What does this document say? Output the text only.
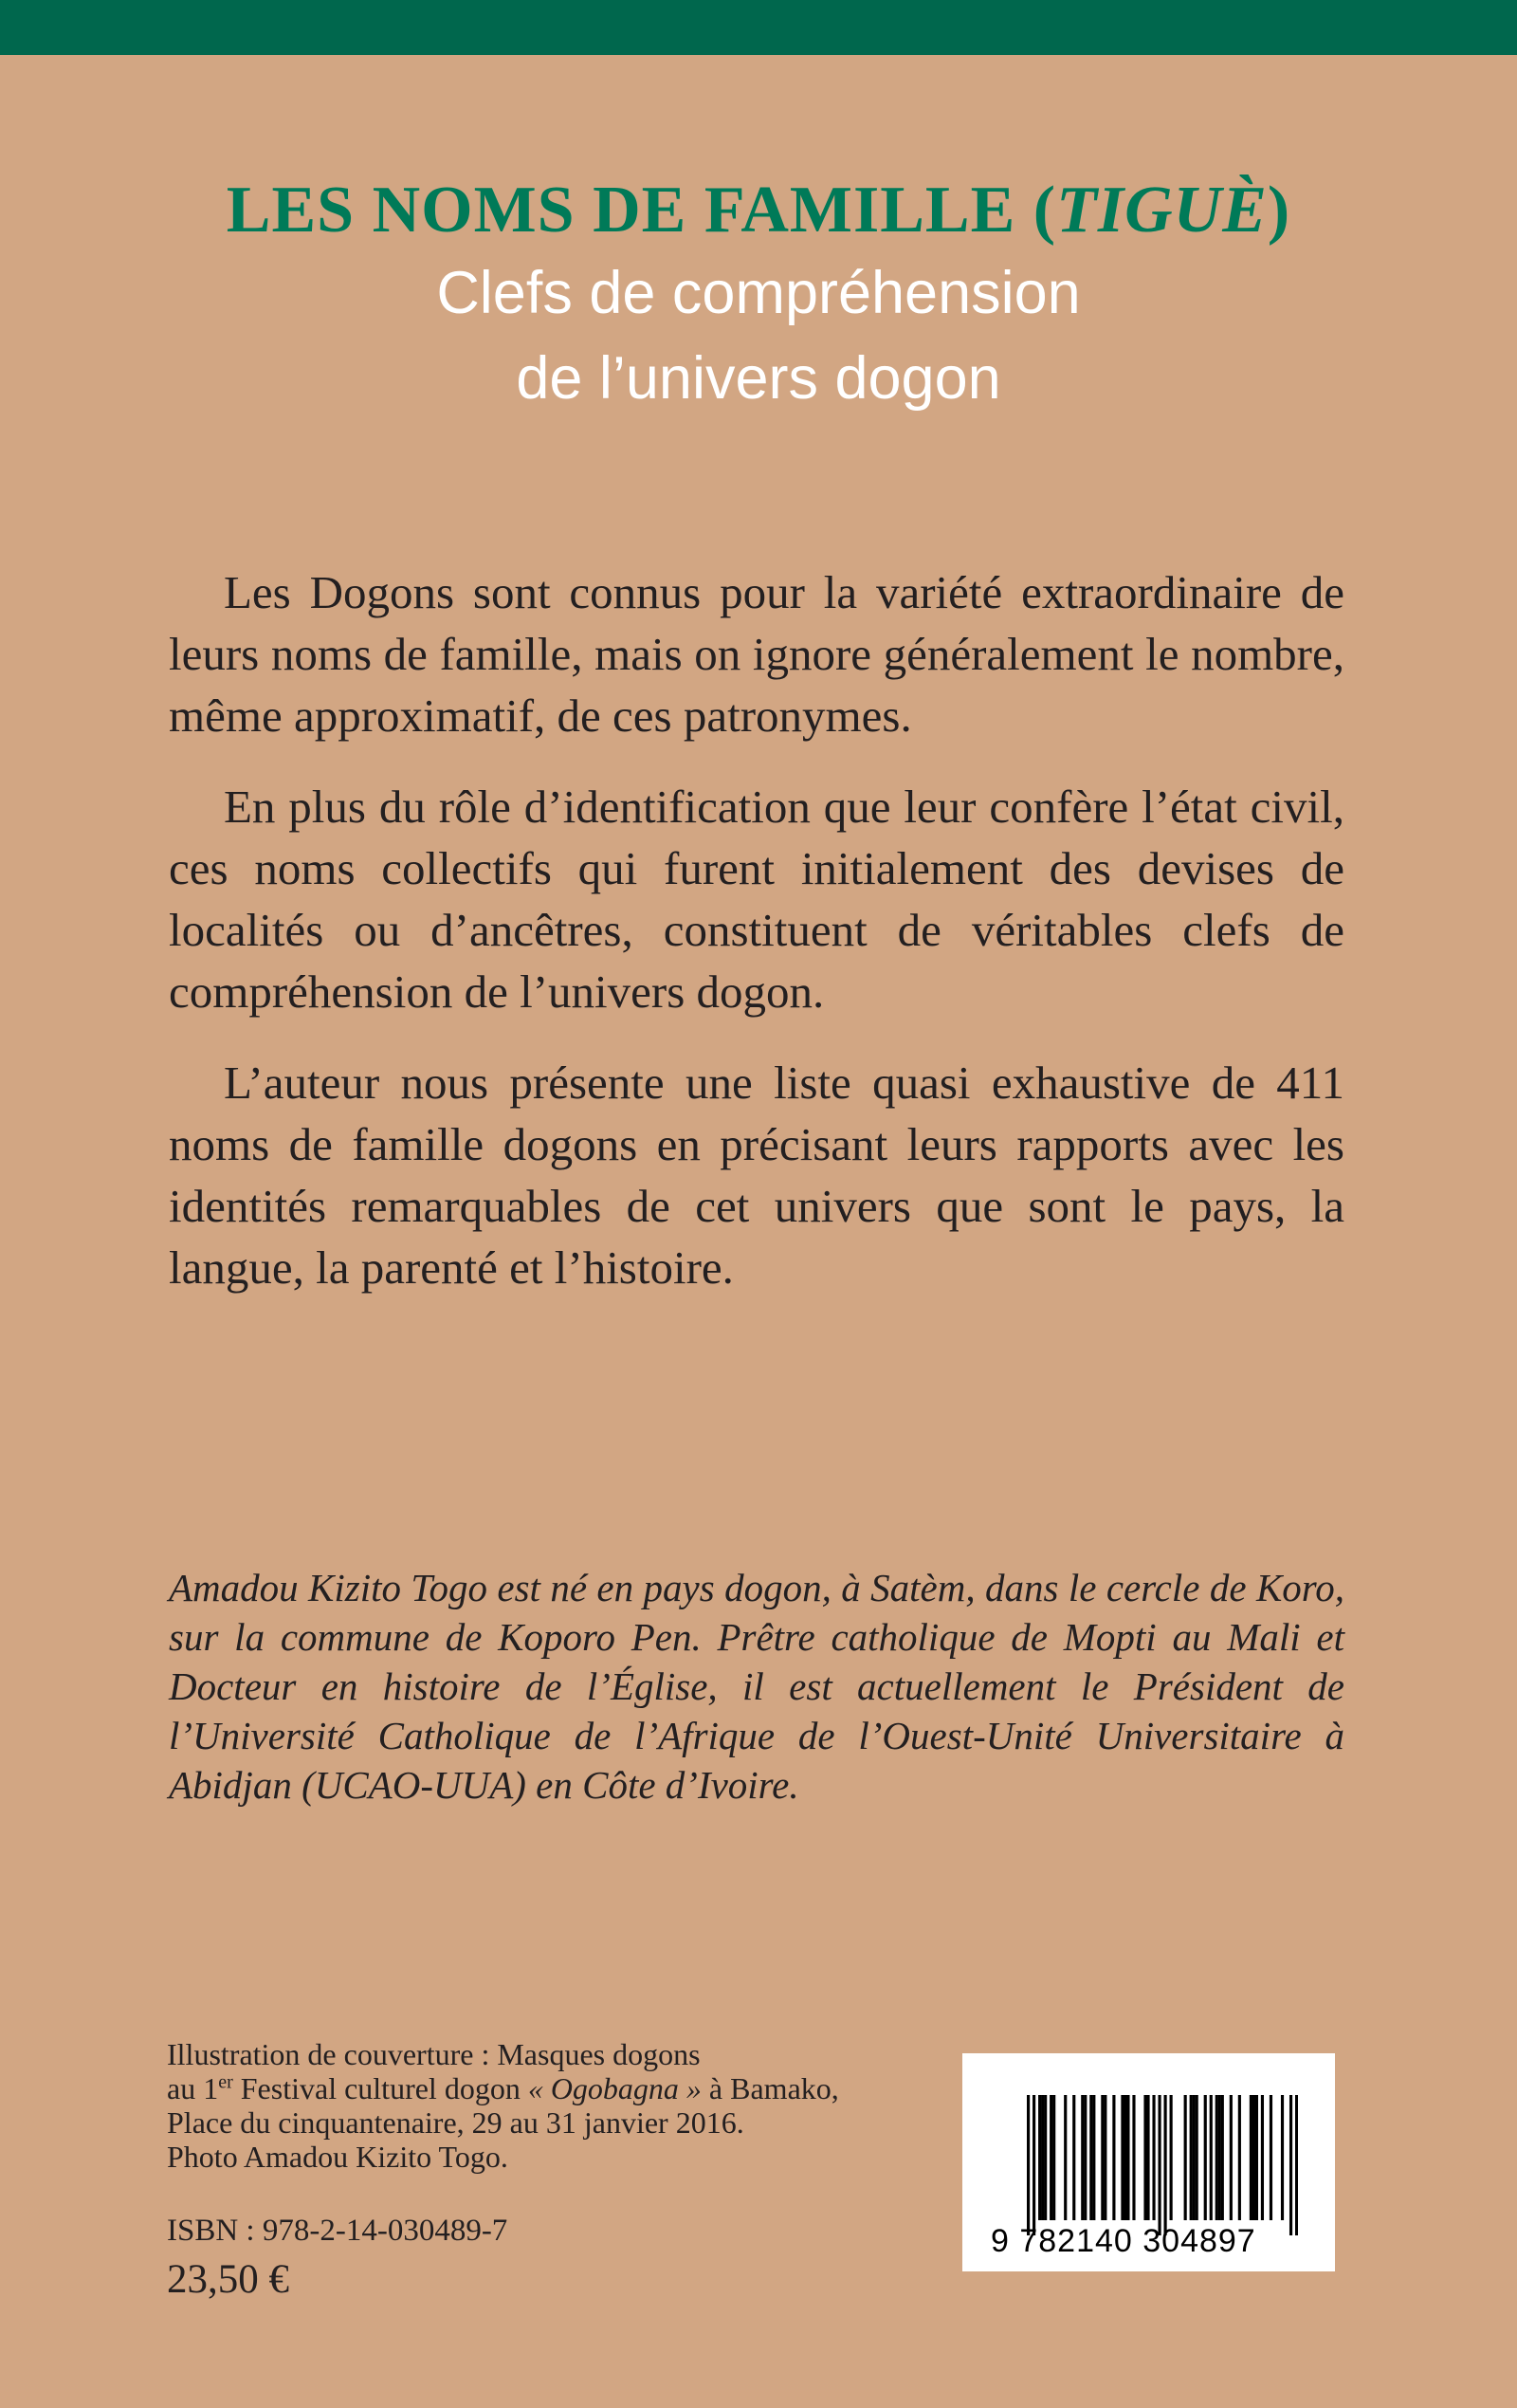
LES NOMS DE FAMILLE (TIGUÈ)
Clefs de compréhension
de l’univers dogon

Les Dogons sont connus pour la variété extraordinaire de leurs noms de famille, mais on ignore généralement le nombre, même approximatif, de ces patronymes.

En plus du rôle d’identification que leur confère l’état civil, ces noms collectifs qui furent initialement des devises de localités ou d’ancêtres, constituent de véritables clefs de compréhension de l’univers dogon.

L’auteur nous présente une liste quasi exhaustive de 411 noms de famille dogons en précisant leurs rapports avec les identités remarquables de cet univers que sont le pays, la langue, la parenté et l’histoire.

Amadou Kizito Togo est né en pays dogon, à Satèm, dans le cercle de Koro, sur la commune de Koporo Pen. Prêtre catholique de Mopti au Mali et Docteur en histoire de l’Église, il est actuellement le Président de l’Université Catholique de l’Afrique de l’Ouest-Unité Universitaire à Abidjan (UCAO-UUA) en Côte d’Ivoire.
Illustration de couverture : Masques dogons
au 1er Festival culturel dogon « Ogobagna » à Bamako,
Place du cinquantenaire, 29 au 31 janvier 2016.
Photo Amadou Kizito Togo.
ISBN : 978-2-14-030489-7
23,50 €
9 782140 304897
